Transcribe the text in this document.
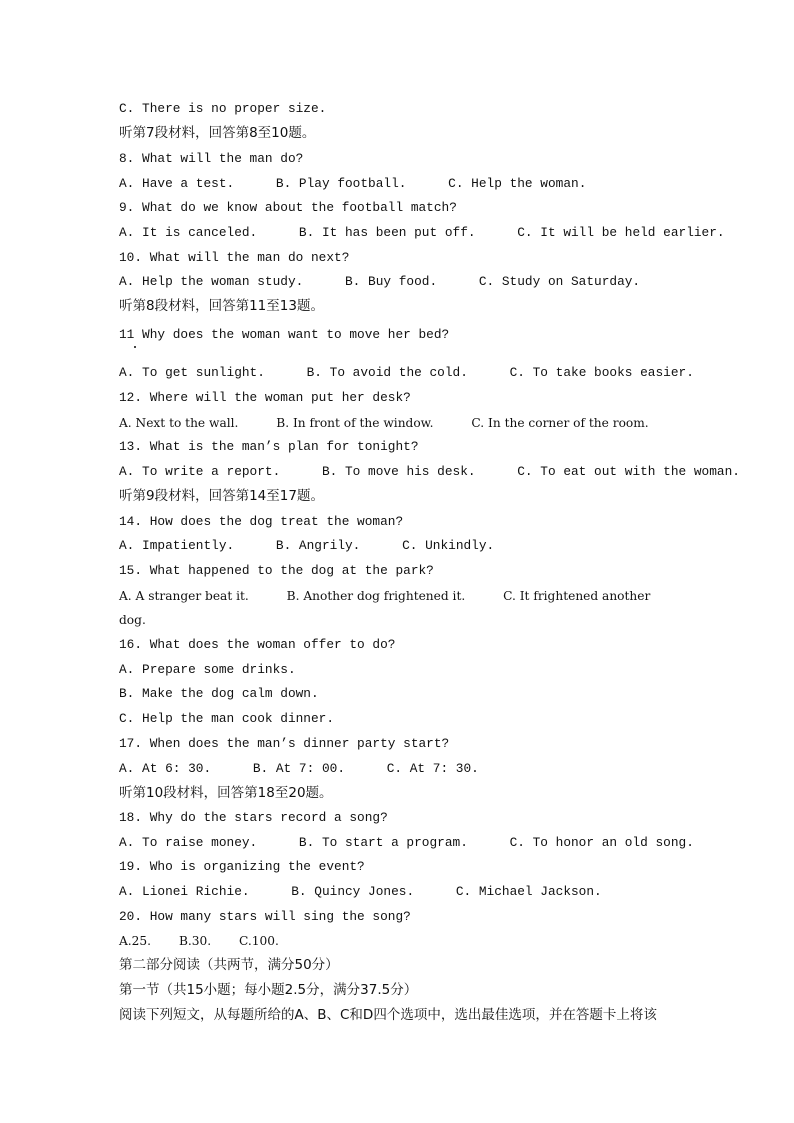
C. There is no proper size.
听第7段材料，回答第8至10题。
8. What will the man do?
A. Have a test.	B. Play football.	C. Help the woman.
9. What do we know about the football match?
A. It is canceled.	B. It has been put off.	C. It will be held earlier.
10. What will the man do next?
A. Help the woman study.	B. Buy food.	C. Study on Saturday.
听第8段材料，回答第11至13题。
11 Why does the woman want to move her bed?
A. To get sunlight.	B. To avoid the cold.	C. To take books easier.
12. Where will the woman put her desk?
A. Next to the wall.	B. In front of the window.	C. In the corner of the room.
13. What is the man’s plan for tonight?
A. To write a report.	B. To move his desk.	C. To eat out with the woman.
听第9段材料，回答第14至17题。
14. How does the dog treat the woman?
A. Impatiently.	B. Angrily.	C. Unkindly.
15. What happened to the dog at the park?
A. A stranger beat it.	B. Another dog frightened it.	C. It frightened another
dog.
16. What does the woman offer to do?
A. Prepare some drinks.
B. Make the dog calm down.
C. Help the man cook dinner.
17. When does the man’s dinner party start?
A. At 6: 30.	B. At 7: 00.	C. At 7: 30.
听第10段材料，回答第18至20题。
18. Why do the stars record a song?
A. To raise money.	B. To start a program.	C. To honor an old song.
19. Who is organizing the event?
A. Lionei Richie.	B. Quincy Jones.	C. Michael Jackson.
20. How many stars will sing the song?
A.25. B.30. C.100.
第二部分阅读（共两节，满分50分）
第一节（共15小题；每小题2.5分，满分37.5分）
阅读下列短文，从每题所给的A、B、C和D四个选项中，选出最佳选项，并在答题卡上将该
